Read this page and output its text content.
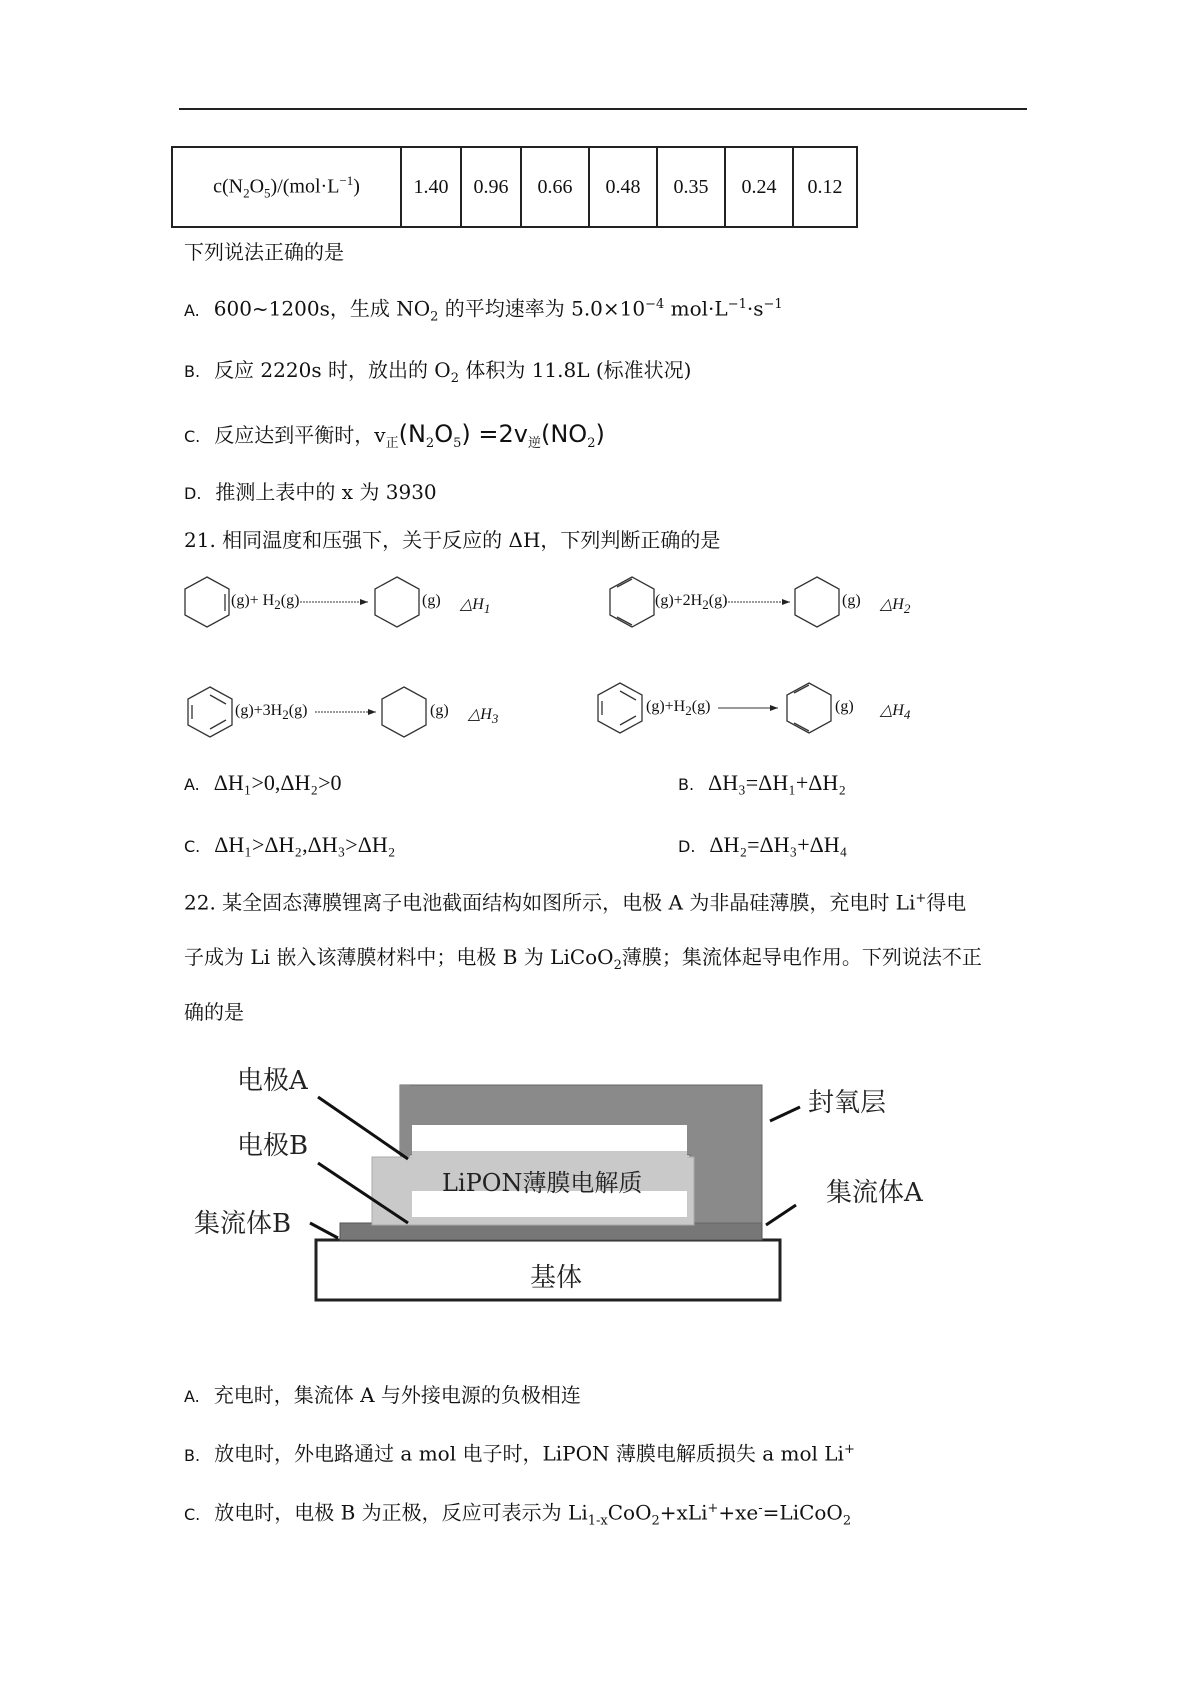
$c(N_2O_5)/(mol\cdot L^{-1})$	1.40	0.96	0.66	0.48	0.35	0.24	0.12
下列说法正确的是
A. 600~1200s，生成 $NO_2$ 的平均速率为 $5.0\times 10^{-4}$ $mol\cdot L^{-1}\cdot s^{-1}$
B. 反应 2220s 时，放出的 $O_2$ 体积为 11.8L (标准状况)
C. 反应达到平衡时，$v_正(N_2O_5) =2v_逆(NO_2)$
D. 推测上表中的 x 为 3930
21. 相同温度和压强下，关于反应的 ΔH，下列判断正确的是
$(g)+ H_2(g)$	(g) $\triangle H_1$	$(g)+2H_2(g)$	(g) $\triangle H_2$
$(g)+3H_2(g)$	(g) $\triangle H_3$
$(g)+H_2(g)$	(g) $\triangle H_4$
A. ΔH₁>0,ΔH₂>0	B. ΔH₃=ΔH₁+ΔH₂
C. ΔH₁>ΔH₂,ΔH₃>ΔH₂	D. ΔH₂=ΔH₃+ΔH₄
22. 某全固态薄膜锂离子电池截面结构如图所示，电极 A 为非晶硅薄膜，充电时 Li+得电
子成为 Li 嵌入该薄膜材料中；电极 B 为 LiCoO$_2$薄膜；集流体起导电作用。下列说法不正
确的是
电极A
电极B
集流体B
封氧层
集流体A
LiPON薄膜电解质
基体
A. 充电时，集流体 A 与外接电源的负极相连
B. 放电时，外电路通过 a mol 电子时，LiPON 薄膜电解质损失 a mol Li+
C. 放电时，电极 B 为正极，反应可表示为 $Li_{1-x}CoO_2+xLi^++xe^-=LiCoO_2$
